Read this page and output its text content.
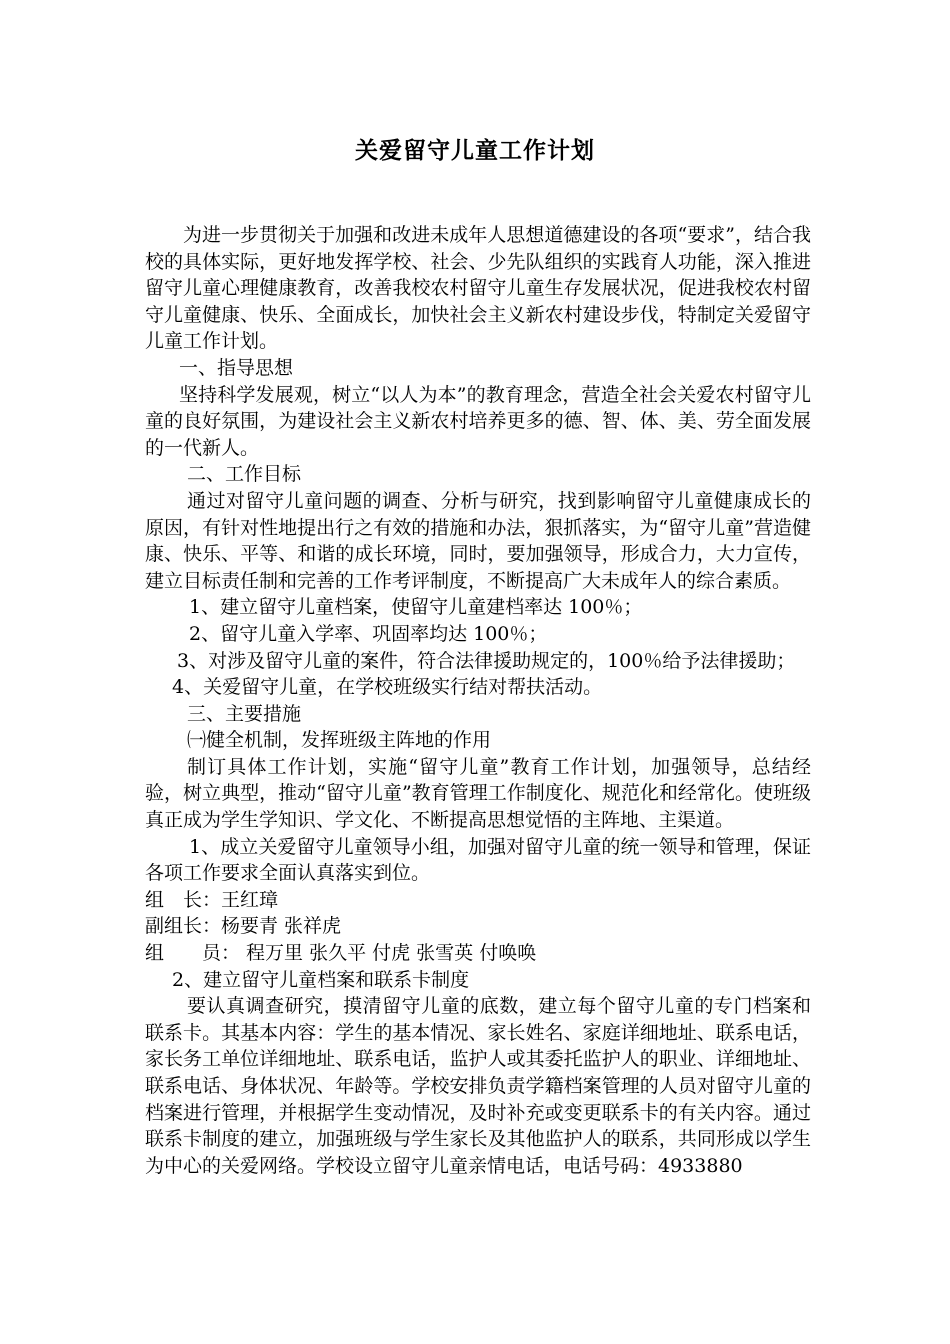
关爱留守儿童工作计划

为进一步贯彻关于加强和改进未成年人思想道德建设的各项“要求”，结合我校的具体实际，更好地发挥学校、社会、少先队组织的实践育人功能，深入推进留守儿童心理健康教育，改善我校农村留守儿童生存发展状况，促进我校农村留守儿童健康、快乐、全面成长，加快社会主义新农村建设步伐，特制定关爱留守儿童工作计划。

一、指导思想

坚持科学发展观，树立“以人为本”的教育理念，营造全社会关爱农村留守儿童的良好氛围，为建设社会主义新农村培养更多的德、智、体、美、劳全面发展的一代新人。

二、工作目标

通过对留守儿童问题的调查、分析与研究，找到影响留守儿童健康成长的原因，有针对性地提出行之有效的措施和办法，狠抓落实，为“留守儿童”营造健康、快乐、平等、和谐的成长环境，同时，要加强领导，形成合力，大力宣传，建立目标责任制和完善的工作考评制度，不断提高广大未成年人的综合素质。

1、建立留守儿童档案，使留守儿童建档率达 100％；

2、留守儿童入学率、巩固率均达 100％；

3、对涉及留守儿童的案件，符合法律援助规定的，100％给予法律援助；

4、关爱留守儿童，在学校班级实行结对帮扶活动。

三、主要措施

㈠健全机制，发挥班级主阵地的作用

制订具体工作计划，实施“留守儿童”教育工作计划，加强领导，总结经验，树立典型，推动“留守儿童”教育管理工作制度化、规范化和经常化。使班级真正成为学生学知识、学文化、不断提高思想觉悟的主阵地、主渠道。

1、成立关爱留守儿童领导小组，加强对留守儿童的统一领导和管理，保证各项工作要求全面认真落实到位。

组　长：王红璋

副组长：杨要青 张祥虎

组　　员： 程万里 张久平 付虎 张雪英 付唤唤

2、建立留守儿童档案和联系卡制度

要认真调查研究，摸清留守儿童的底数，建立每个留守儿童的专门档案和联系卡。其基本内容：学生的基本情况、家长姓名、家庭详细地址、联系电话，家长务工单位详细地址、联系电话，监护人或其委托监护人的职业、详细地址、联系电话、身体状况、年龄等。学校安排负责学籍档案管理的人员对留守儿童的档案进行管理，并根据学生变动情况，及时补充或变更联系卡的有关内容。通过联系卡制度的建立，加强班级与学生家长及其他监护人的联系，共同形成以学生为中心的关爱网络。学校设立留守儿童亲情电话，电话号码：4933880
